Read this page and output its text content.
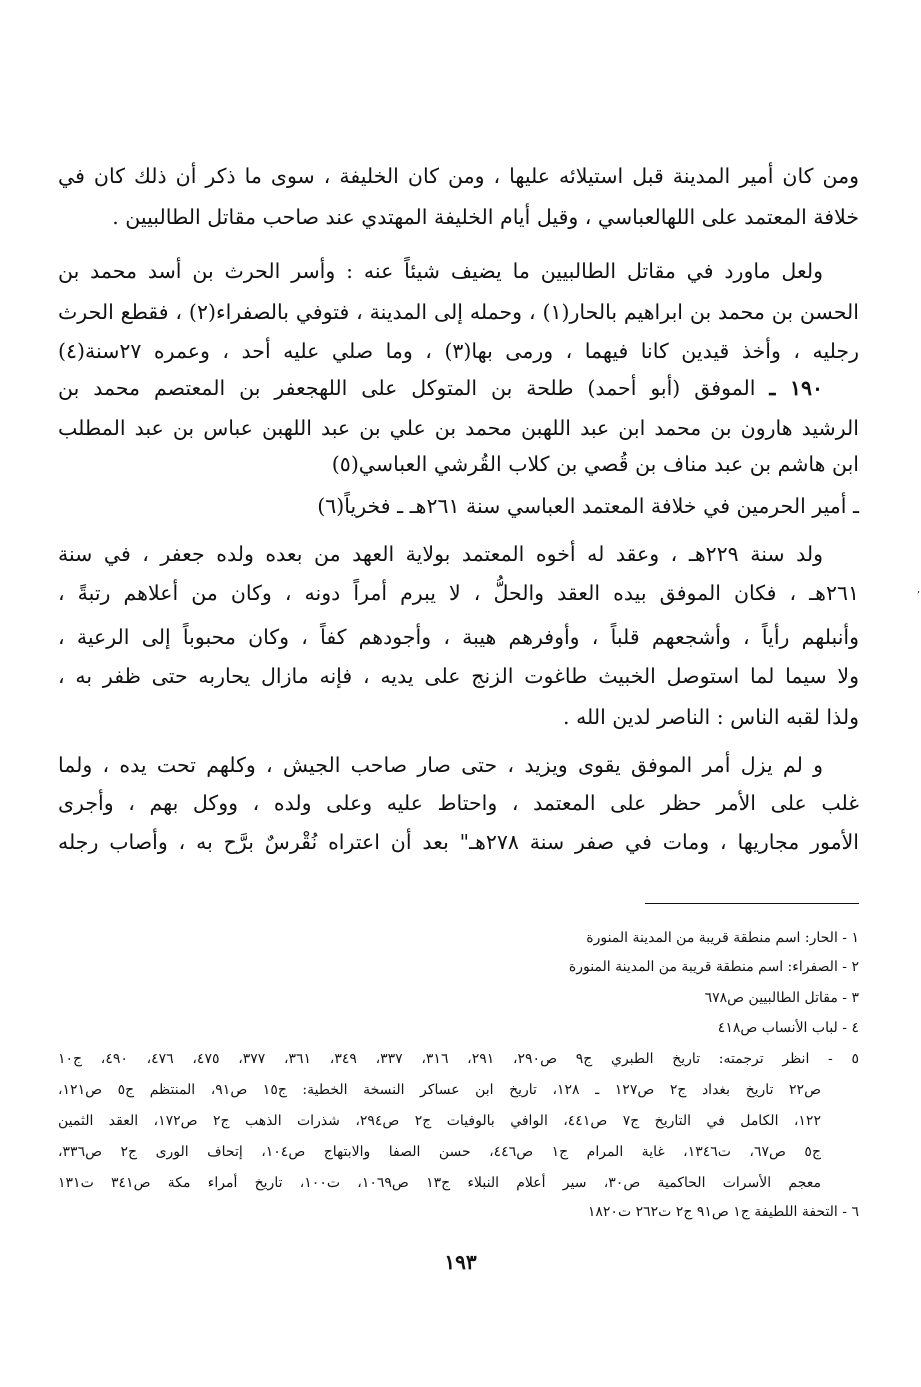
ومن كان أمير المدينة قبل استيلائه عليها ، ومن كان الخليفة ، سوى ما ذكر أن ذلك كان في
خلافة المعتمد على اللهالعباسي ، وقيل أيام الخليفة المهتدي عند صاحب مقاتل الطالبيين .
ولعل ماورد في مقاتل الطالبيين ما يضيف شيئاً عنه : وأسر الحرث بن أسد محمد بن
الحسن بن محمد بن ابراهيم بالحار(١) ، وحمله إلى المدينة ، فتوفي بالصفراء(٢) ، فقطع الحرث
رجليه ، وأخذ قيدين كانا فيهما ، ورمى بها(٣) ، وما صلي عليه أحد ، وعمره ٢٧سنة(٤)
١٩٠ ـ الموفق (أبو أحمد) طلحة بن المتوكل على اللهجعفر بن المعتصم محمد بن
الرشيد هارون بن محمد ابن عبد اللهبن محمد بن علي بن عبد اللهبن عباس بن عبد المطلب
ابن هاشم بن عبد مناف بن قُصي بن كلاب القُرشي العباسي(٥)
ـ أمير الحرمين في خلافة المعتمد العباسي سنة ٢٦١هـ ـ فخرياً(٦)
ولد سنة ٢٢٩هـ ، وعقد له أخوه المعتمد بولاية العهد من بعده ولده جعفر ، في سنة
٢٦١هـ ، فكان الموفق بيده العقد والحلُّ ، لا يبرم أمراً دونه ، وكان من أعلاهم رتبةً ،
وأنبلهم رأياً ، وأشجعهم قلباً ، وأوفرهم هيبة ، وأجودهم كفاً ، وكان محبوباً إلى الرعية ،
ولا سيما لما استوصل الخبيث طاغوت الزنج على يديه ، فإنه مازال يحاربه حتى ظفر به ،
ولذا لقبه الناس : الناصر لدين الله .
و لم يزل أمر الموفق يقوى ويزيد ، حتى صار صاحب الجيش ، وكلهم تحت يده ، ولما
غلب على الأمر حظر على المعتمد ، واحتاط عليه وعلى ولده ، ووكل بهم ، وأجرى
الأمور مجاريها ، ومات في صفر سنة ٢٧٨هـ" بعد أن اعتراه نُقْرسٌ برَّح به ، وأصاب رجله
١ - الحار: اسم منطقة قريبة من المدينة المنورة
٢ - الصفراء: اسم منطقة قريبة من المدينة المنورة
٣ - مقاتل الطالبيين ص٦٧٨
٤ - لباب الأنساب ص٤١٨
٥ - انظر ترجمته: تاريخ الطبري ج٩ ص٢٩٠، ٢٩١، ٣١٦، ٣٣٧، ٣٤٩، ٣٦١، ٣٧٧، ٤٧٥، ٤٧٦، ٤٩٠، ج١٠
ص٢٢ تاريخ بغداد ج٢ ص١٢٧ ـ ١٢٨، تاريخ ابن عساكر النسخة الخطية: ج١٥ ص٩١، المنتظم ج٥ ص١٢١،
١٢٢، الكامل في التاريخ ج٧ ص٤٤١، الوافي بالوفيات ج٢ ص٢٩٤، شذرات الذهب ج٢ ص١٧٢، العقد الثمين
ج٥ ص٦٧، ت١٣٤٦، غاية المرام ج١ ص٤٤٦، حسن الصفا والابتهاج ص١٠٤، إتحاف الورى ج٢ ص٣٣٦،
معجم الأسرات الحاكمية ص٣٠، سير أعلام النبلاء ج١٣ ص١٠٦٩، ت١٠٠، تاريخ أمراء مكة ص٣٤١ ت١٣١
٦ - التحفة اللطيفة ج١ ص٩١ ج٢ ت٢٦٢ ت١٨٢٠
١٩٣
,
